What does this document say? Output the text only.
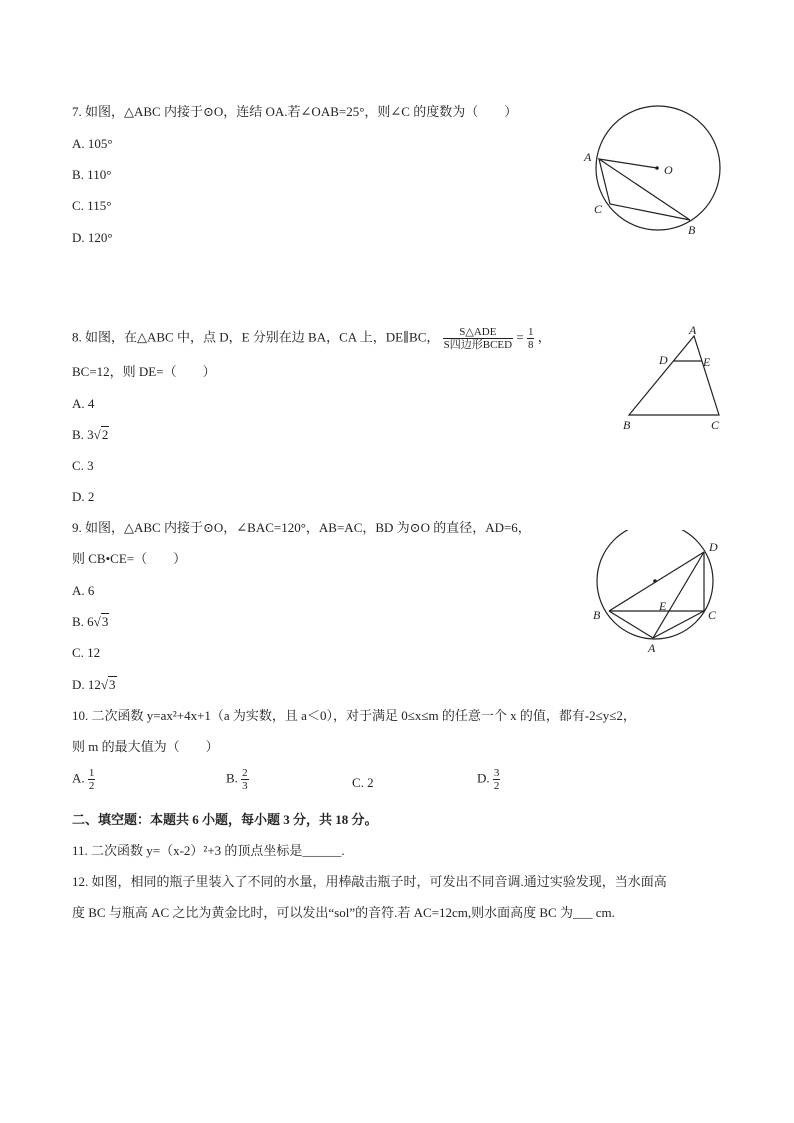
7. 如图，△ABC 内接于⊙O，连结 OA.若∠OAB=25°，则∠C 的度数为（　　）
A. 105°
B. 110°
C. 115°
D. 120°
A
O
C
B
8. 如图，在△ABC 中，点 D，E 分别在边 BA，CA 上，DE∥BC， $\frac{\text{S△ADE}}{\text{S四边形BCED}} = \frac{1}{8}$ ，
BC=12，则 DE=（　　）
A. 4
B. 3√2
C. 3
D. 2
A
D	E
B	C
9. 如图，△ABC 内接于⊙O，∠BAC=120°，AB=AC，BD 为⊙O 的直径，AD=6，
则 CB•CE=（　　）
A. 6
B. 6√3
C. 12
D. 12√3
D
E
B	C
A
10. 二次函数 y=ax²+4x+1（a 为实数，且 a＜0），对于满足 0≤x≤m 的任意一个 x 的值，都有-2≤y≤2，
则 m 的最大值为（　　）
A. $\frac{1}{2}$	B. $\frac{2}{3}$	C. 2	D. $\frac{3}{2}$
二、填空题：本题共 6 小题，每小题 3 分，共 18 分。
11. 二次函数 y=（x-2）²+3 的顶点坐标是______.
12. 如图，相同的瓶子里装入了不同的水量，用棒敲击瓶子时，可发出不同音调.通过实验发现，当水面高
度 BC 与瓶高 AC 之比为黄金比时，可以发出“sol”的音符.若 AC=12cm,则水面高度 BC 为___ cm.
